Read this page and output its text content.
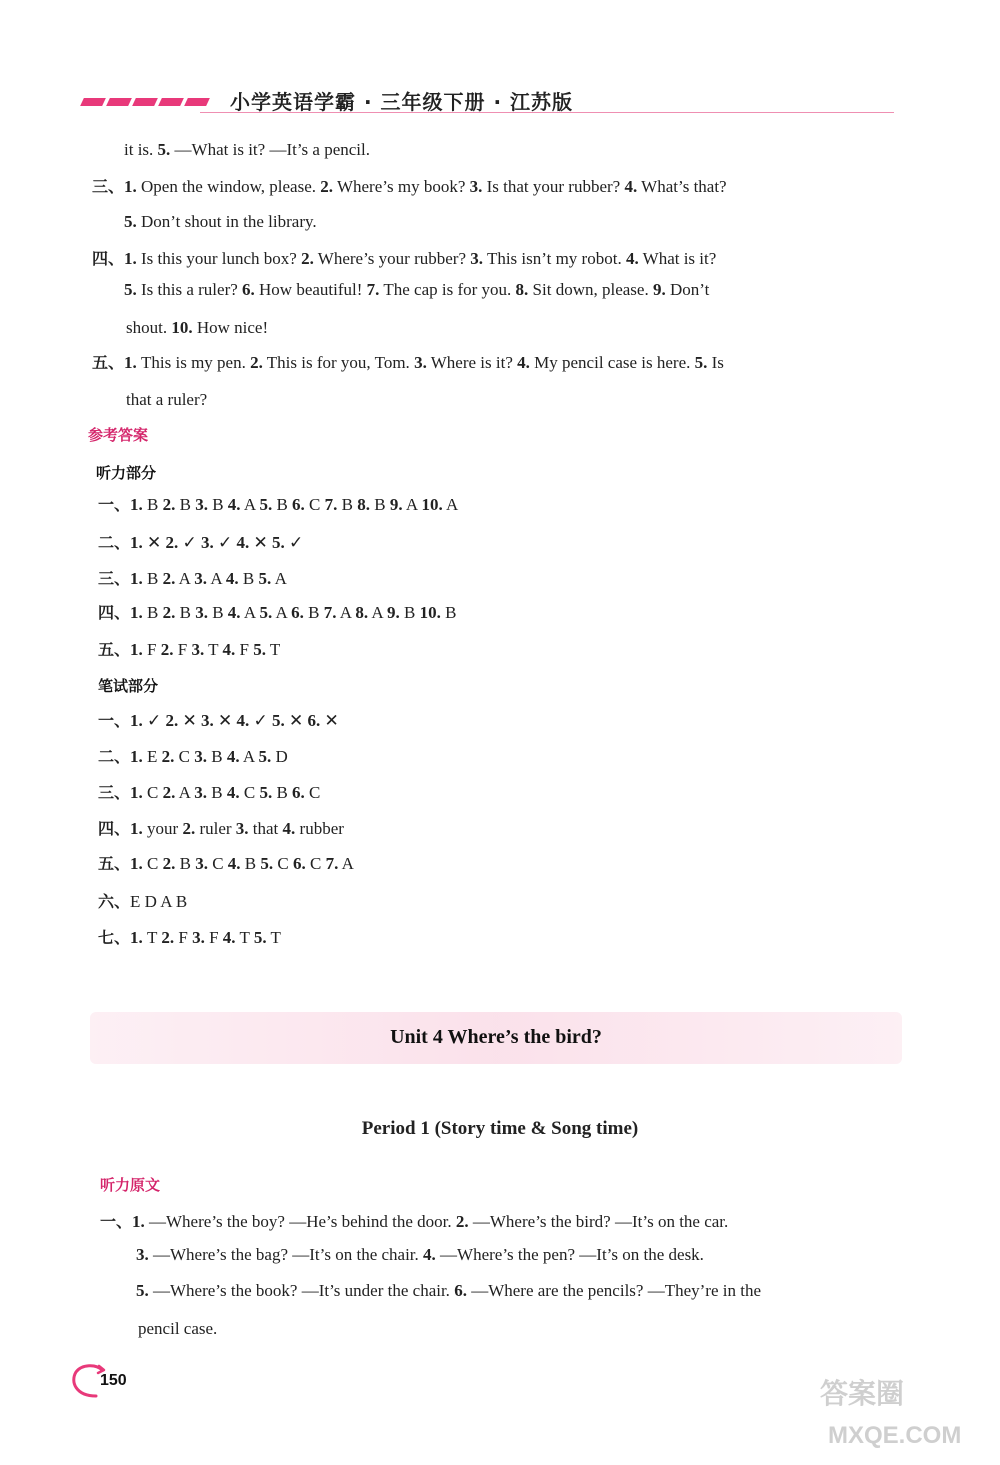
小学英语学霸 · 三年级下册 · 江苏版
it is. 5. —What is it? —It’s a pencil.
三、1. Open the window, please. 2. Where’s my book? 3. Is that your rubber? 4. What’s that?
5. Don’t shout in the library.
四、1. Is this your lunch box? 2. Where’s your rubber? 3. This isn’t my robot. 4. What is it?
5. Is this a ruler? 6. How beautiful! 7. The cap is for you. 8. Sit down, please. 9. Don’t
shout. 10. How nice!
五、1. This is my pen. 2. This is for you, Tom. 3. Where is it? 4. My pencil case is here. 5. Is
that a ruler?
参考答案
听力部分
一、1. B 2. B 3. B 4. A 5. B 6. C 7. B 8. B 9. A 10. A
二、1. ✕ 2. ✓ 3. ✓ 4. ✕ 5. ✓
三、1. B 2. A 3. A 4. B 5. A
四、1. B 2. B 3. B 4. A 5. A 6. B 7. A 8. A 9. B 10. B
五、1. F 2. F 3. T 4. F 5. T
笔试部分
一、1. ✓ 2. ✕ 3. ✕ 4. ✓ 5. ✕ 6. ✕
二、1. E 2. C 3. B 4. A 5. D
三、1. C 2. A 3. B 4. C 5. B 6. C
四、1. your 2. ruler 3. that 4. rubber
五、1. C 2. B 3. C 4. B 5. C 6. C 7. A
六、E D A B
七、1. T 2. F 3. F 4. T 5. T
Unit 4 Where’s the bird?
Period 1 (Story time & Song time)
听力原文
一、1. —Where’s the boy? —He’s behind the door. 2. —Where’s the bird? —It’s on the car.
3. —Where’s the bag? —It’s on the chair. 4. —Where’s the pen? —It’s on the desk.
5. —Where’s the book? —It’s under the chair. 6. —Where are the pencils? —They’re in the
pencil case.
150	答案圈
MXQE.COM
